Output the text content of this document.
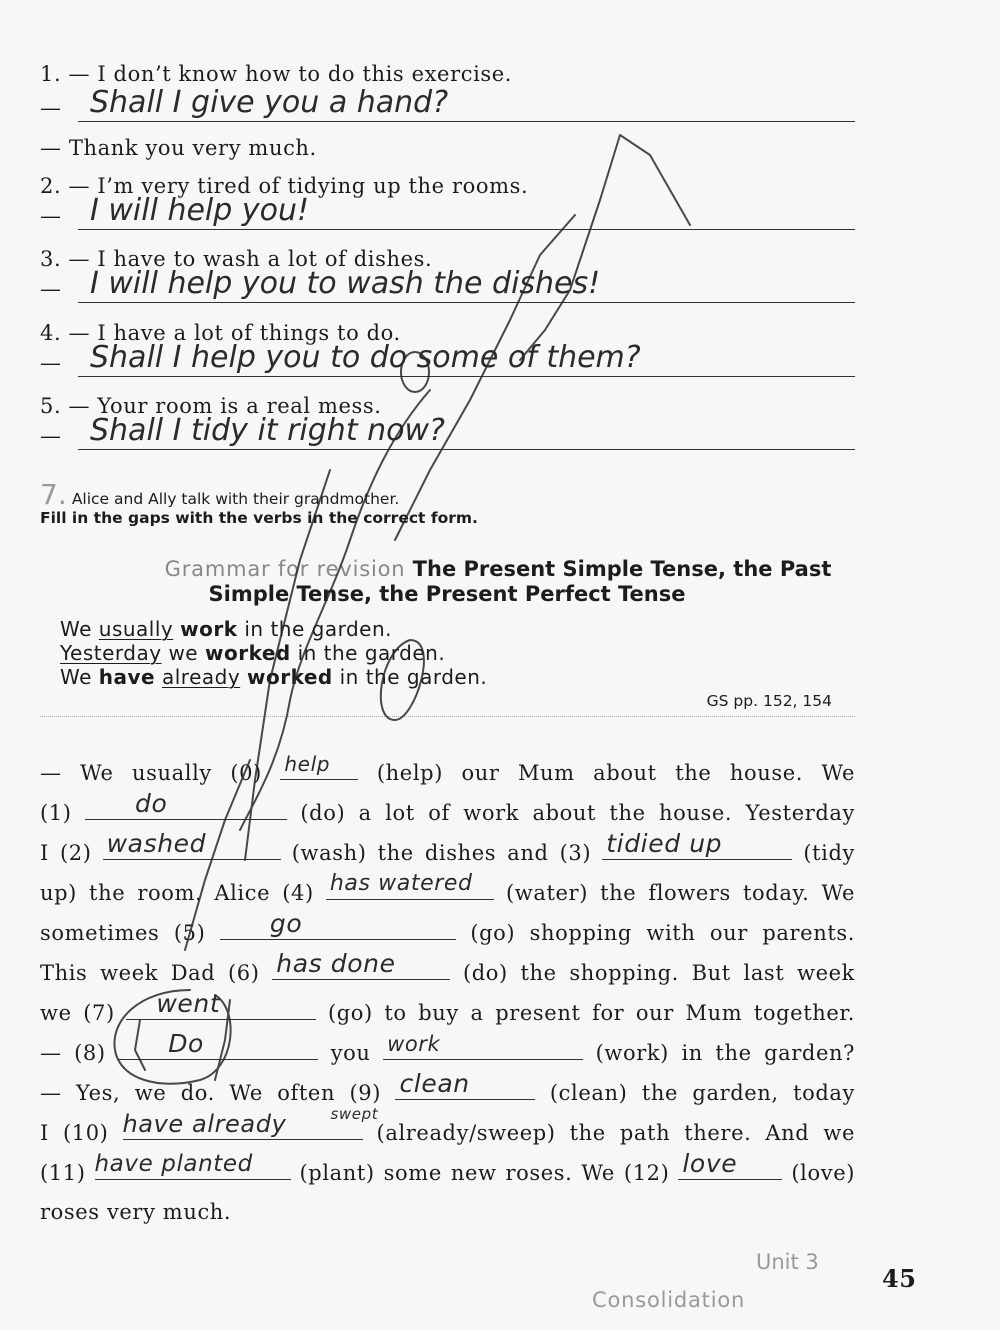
1. — I don’t know how to do this exercise.
— Shall I give you a hand?
— Thank you very much.
2. — I’m very tired of tidying up the rooms.
— I will help you!
3. — I have to wash a lot of dishes.
— I will help you to wash the dishes!
4. — I have a lot of things to do.
— Shall I help you to do some of them?
5. — Your room is a real mess.
— Shall I tidy it right now?
7. Alice and Ally talk with their grandmother.
Fill in the gaps with the verbs in the correct form.
Grammar for revision The Present Simple Tense, the Past
Simple Tense, the Present Perfect Tense
We usually work in the garden.
Yesterday we worked in the garden.
We have already worked in the garden.
GS pp. 152, 154
— We usually (0) help (help) our Mum about the house. We
(1)	do	(do) a lot of work about the house. Yesterday
I (2) washed	(wash) the dishes and (3) tidied up	(tidy
up) the room. Alice (4) has watered (water) the flowers today. We
sometimes (5)	go	(go) shopping with our parents.
This week Dad (6) has done	(do) the shopping. But last week
we (7) went	(go) to buy a present for our Mum together.
— (8)	Do	you work	(work) in the garden?
— Yes, we do. We often (9) clean	(clean) the garden, today
I (10) have already	swept
(already/sweep) the path there. And we
(11) have planted (plant) some new roses. We (12) love	(love)
roses very much.
Unit 3
Consolidation
45
